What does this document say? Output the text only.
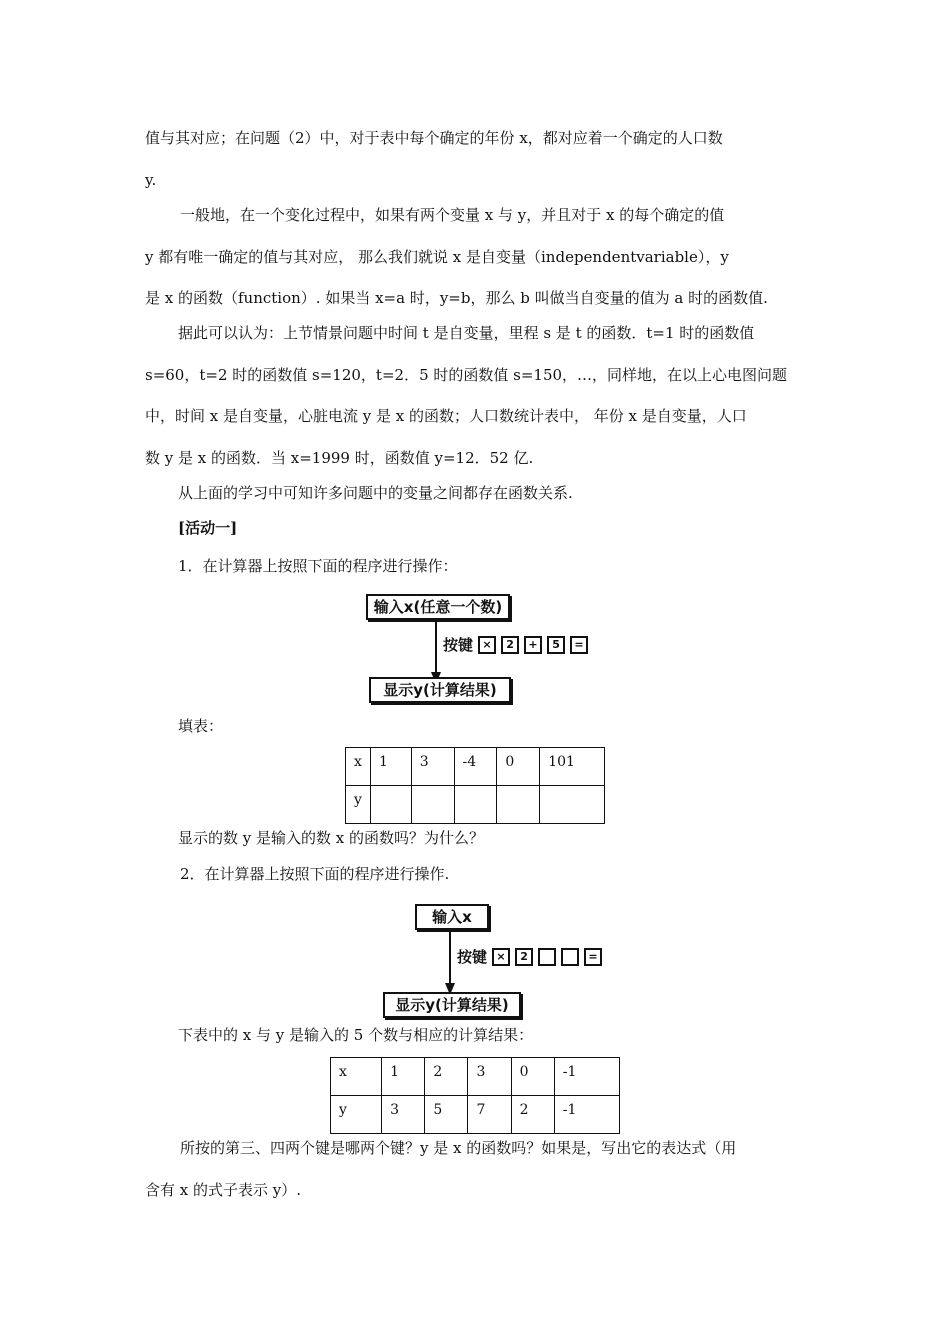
值与其对应；在问题（2）中，对于表中每个确定的年份 x，都对应着一个确定的人口数
y.
一般地，在一个变化过程中，如果有两个变量 x 与 y，并且对于 x 的每个确定的值
y 都有唯一确定的值与其对应， 那么我们就说 x 是自变量（independentvariable），y
是 x 的函数（function）. 如果当 x=a 时，y=b，那么 b 叫做当自变量的值为 a 时的函数值.
据此可以认为：上节情景问题中时间 t 是自变量，里程 s 是 t 的函数．t=1 时的函数值
s=60，t=2 时的函数值 s=120，t=2．5 时的函数值 s=150，…，同样地，在以上心电图问题
中，时间 x 是自变量，心脏电流 y 是 x 的函数；人口数统计表中， 年份 x 是自变量，人口
数 y 是 x 的函数．当 x=1999 时，函数值 y=12．52 亿.
从上面的学习中可知许多问题中的变量之间都存在函数关系.
[活动一]
1．在计算器上按照下面的程序进行操作：
输入x(任意一个数)
按键 ×	2	+	5	=
显示y(计算结果)
填表：
x	1	3	-4	0	101
y					
显示的数 y 是输入的数 x 的函数吗？为什么？
2．在计算器上按照下面的程序进行操作.
输入x
按键 ×	2	=
显示y(计算结果)
下表中的 x 与 y 是输入的 5 个数与相应的计算结果：
x	1	2	3	0	-1
y	3	5	7	2	-1
所按的第三、四两个键是哪两个键？y 是 x 的函数吗？如果是，写出它的表达式（用
含有 x 的式子表示 y）.
